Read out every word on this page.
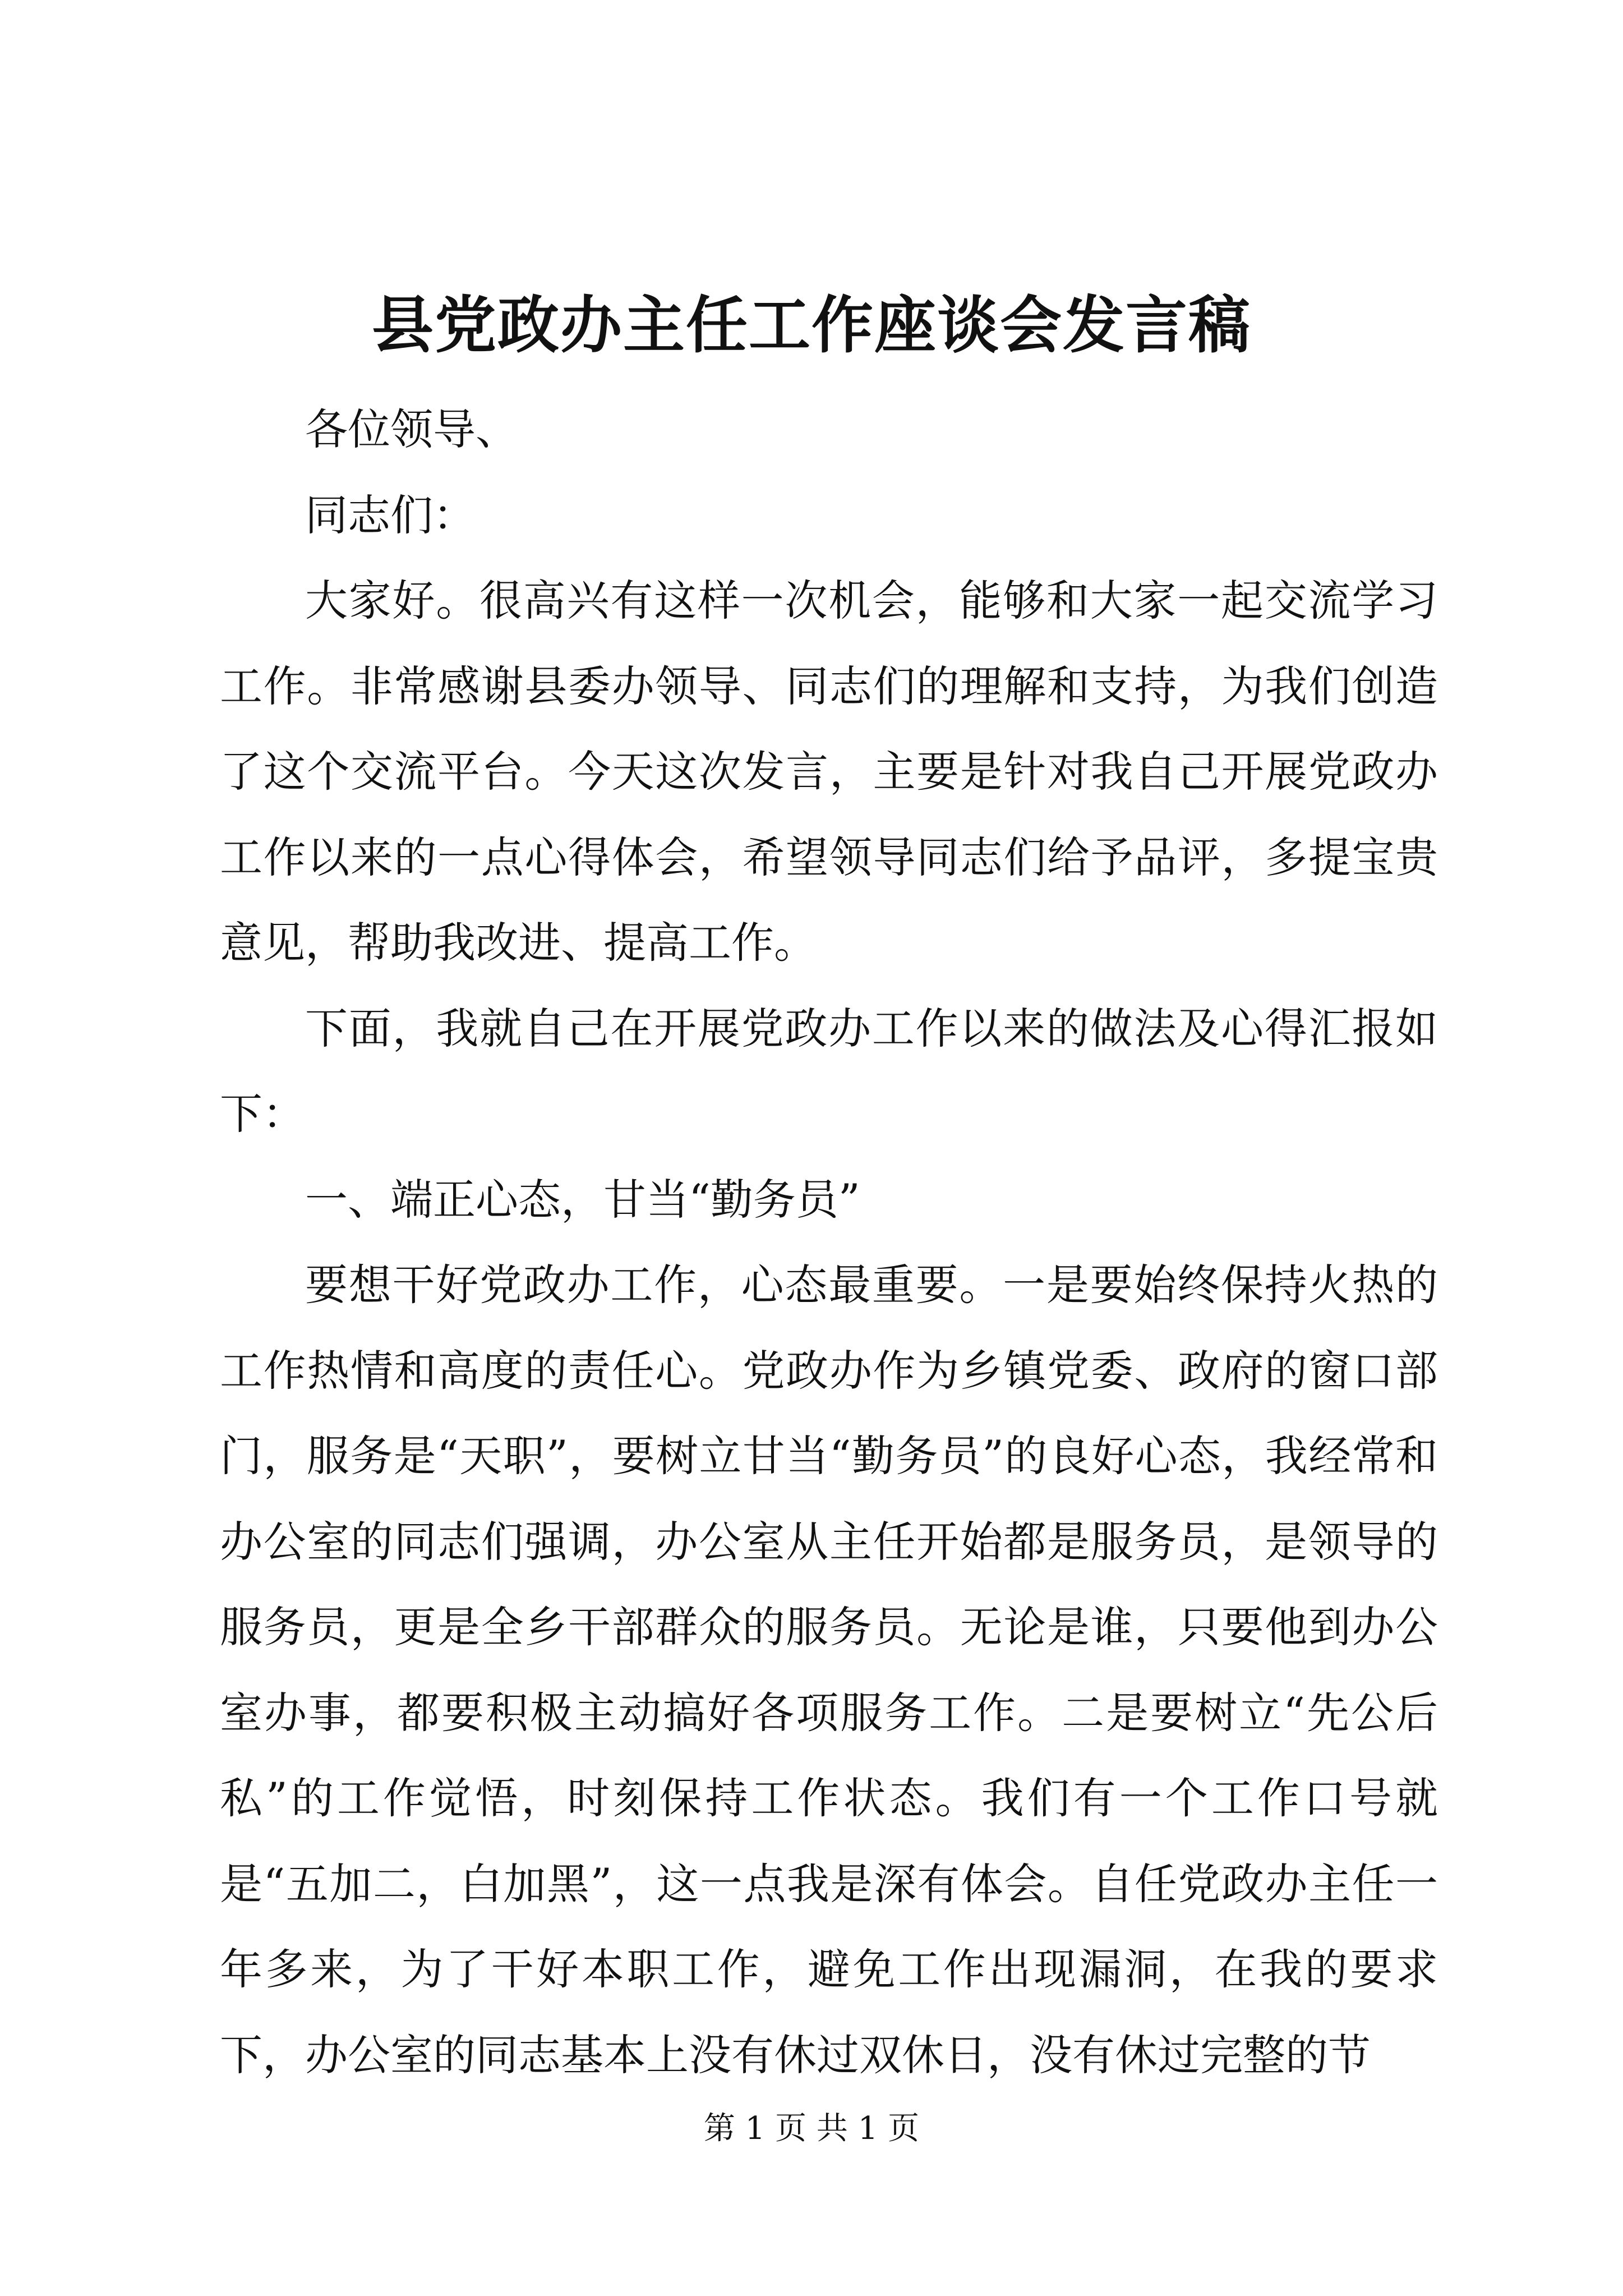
县党政办主任工作座谈会发言稿

各位领导、

同志们：

大家好。很高兴有这样一次机会，能够和大家一起交流学习工作。非常感谢县委办领导、同志们的理解和支持，为我们创造了这个交流平台。今天这次发言，主要是针对我自己开展党政办工作以来的一点心得体会，希望领导同志们给予品评，多提宝贵意见，帮助我改进、提高工作。

下面，我就自己在开展党政办工作以来的做法及心得汇报如下：

一、端正心态，甘当“勤务员”

要想干好党政办工作，心态最重要。一是要始终保持火热的工作热情和高度的责任心。党政办作为乡镇党委、政府的窗口部门，服务是“天职”，要树立甘当“勤务员”的良好心态，我经常和办公室的同志们强调，办公室从主任开始都是服务员，是领导的服务员，更是全乡干部群众的服务员。无论是谁，只要他到办公室办事，都要积极主动搞好各项服务工作。二是要树立“先公后私”的工作觉悟，时刻保持工作状态。我们有一个工作口号就是“五加二，白加黑”，这一点我是深有体会。自任党政办主任一年多来，为了干好本职工作，避免工作出现漏洞，在我的要求下，办公室的同志基本上没有休过双休日，没有休过完整的节

第 1 页 共 1 页
